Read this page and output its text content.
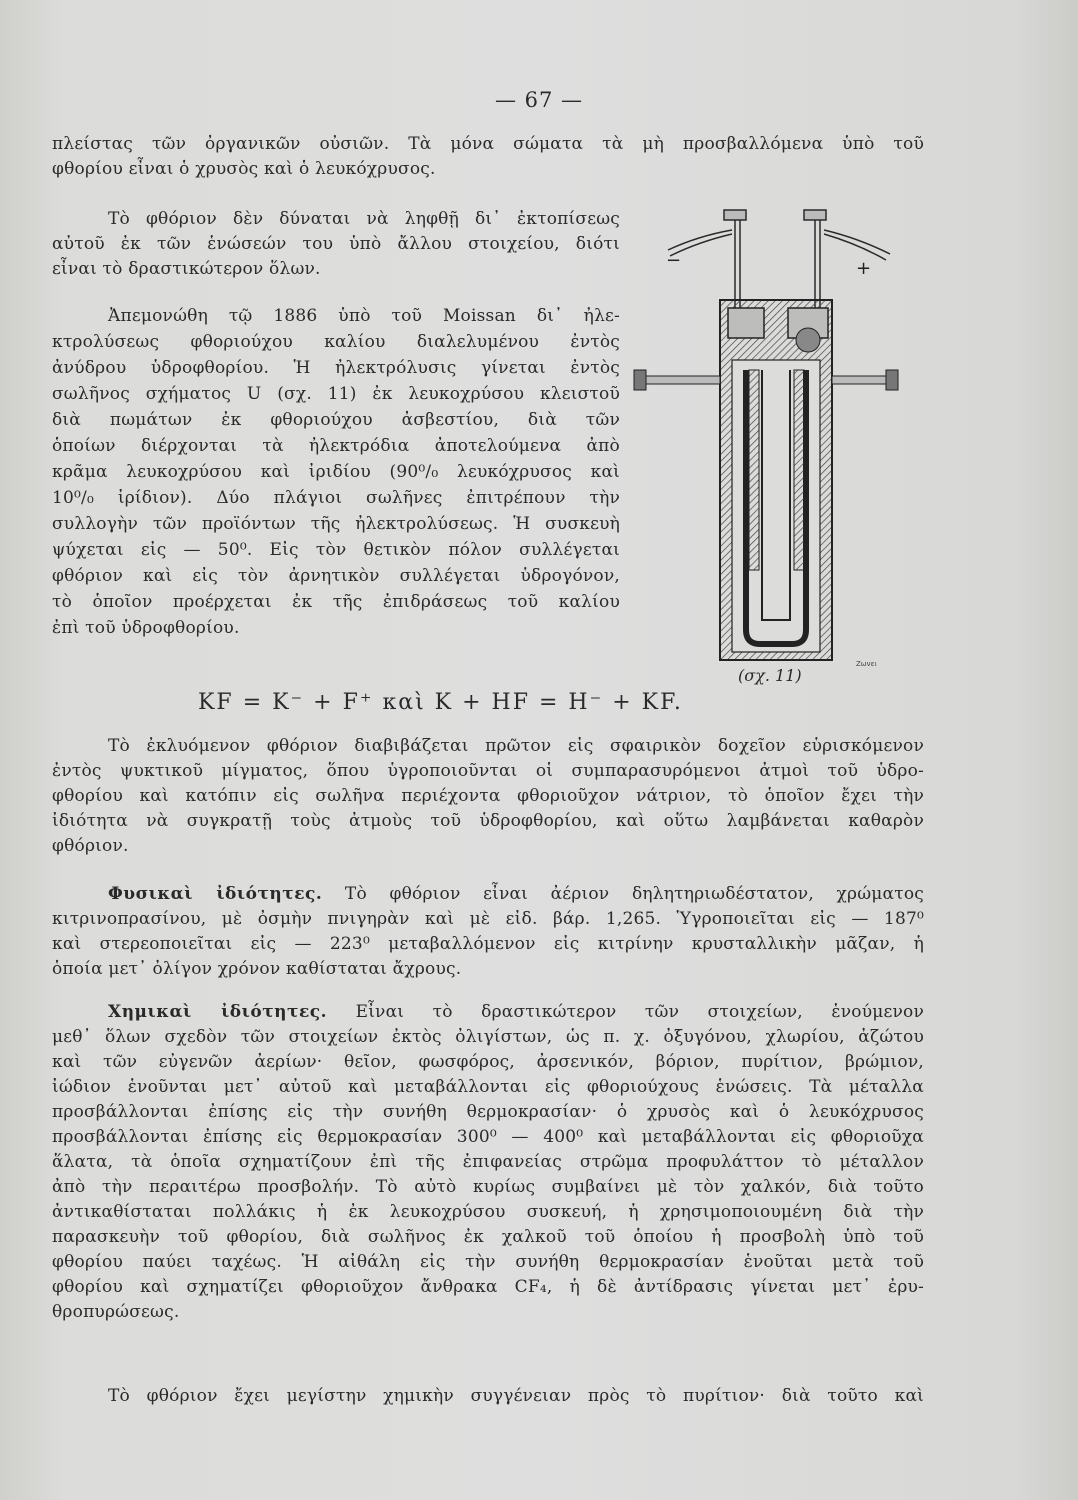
— 67 —
πλείστας τῶν ὀργανικῶν οὐσιῶν. Τὰ μόνα σώματα τὰ μὴ προσβαλλόμενα ὑπὸ τοῦ
φθορίου εἶναι ὁ χρυσὸς καὶ ὁ λευκόχρυσος.
Τὸ φθόριον δὲν δύναται νὰ ληφθῇ δι᾽ ἐκτοπίσεως
αὐτοῦ ἐκ τῶν ἑνώσεών του ὑπὸ ἄλλου στοιχείου, διότι
εἶναι τὸ δραστικώτερον ὅλων.
Ἀπεμονώθη τῷ 1886 ὑπὸ τοῦ Moissan δι᾽ ἠλε-
κτρολύσεως φθοριούχου καλίου διαλελυμένου ἐντὸς
ἀνύδρου ὑδροφθορίου. Ἡ ἠλεκτρόλυσις γίνεται ἐντὸς
σωλῆνος σχήματος U (σχ. 11) ἐκ λευκοχρύσου κλειστοῦ
διὰ πωμάτων ἐκ φθοριούχου ἀσβεστίου, διὰ τῶν
ὁποίων διέρχονται τὰ ἠλεκτρόδια ἀποτελούμενα ἀπὸ
κρᾶμα λευκοχρύσου καὶ ἰριδίου (90⁰/₀ λευκόχρυσος καὶ
10⁰/₀ ἰρίδιον). Δύο πλάγιοι σωλῆνες ἐπιτρέπουν τὴν
συλλογὴν τῶν προϊόντων τῆς ἠλεκτρολύσεως. Ἡ συσκευὴ
ψύχεται εἰς — 50⁰. Εἰς τὸν θετικὸν πόλον συλλέγεται
φθόριον καὶ εἰς τὸν ἀρνητικὸν συλλέγεται ὑδρογόνον,
τὸ ὁποῖον προέρχεται ἐκ τῆς ἐπιδράσεως τοῦ καλίου
ἐπὶ τοῦ ὑδροφθορίου.
−	+
Ζωνει
(σχ. 11)
KF = K⁻ + F⁺ καὶ K + HF = H⁻ + KF.
Τὸ ἐκλυόμενον φθόριον διαβιβάζεται πρῶτον εἰς σφαιρικὸν δοχεῖον εὑρισκόμενον
ἐντὸς ψυκτικοῦ μίγματος, ὅπου ὑγροποιοῦνται οἱ συμπαρασυρόμενοι ἀτμοὶ τοῦ ὑδρο-
φθορίου καὶ κατόπιν εἰς σωλῆνα περιέχοντα φθοριοῦχον νάτριον, τὸ ὁποῖον ἔχει τὴν
ἰδιότητα νὰ συγκρατῇ τοὺς ἀτμοὺς τοῦ ὑδροφθορίου, καὶ οὕτω λαμβάνεται καθαρὸν
φθόριον.
Φυσικαὶ ἰδιότητες. Τὸ φθόριον εἶναι ἀέριον δηλητηριωδέστατον, χρώματος
κιτρινοπρασίνου, μὲ ὀσμὴν πνιγηρὰν καὶ μὲ εἰδ. βάρ. 1,265. Ὑγροποιεῖται εἰς — 187⁰
καὶ στερεοποιεῖται εἰς — 223⁰ μεταβαλλόμενον εἰς κιτρίνην κρυσταλλικὴν μᾶζαν, ἡ
ὁποία μετ᾽ ὀλίγον χρόνον καθίσταται ἄχρους.
Χημικαὶ ἰδιότητες. Εἶναι τὸ δραστικώτερον τῶν στοιχείων, ἑνούμενον
μεθ᾽ ὅλων σχεδὸν τῶν στοιχείων ἐκτὸς ὀλιγίστων, ὡς π. χ. ὀξυγόνου, χλωρίου, ἀζώτου
καὶ τῶν εὐγενῶν ἀερίων· θεῖον, φωσφόρος, ἀρσενικόν, βόριον, πυρίτιον, βρώμιον,
ἰώδιον ἑνοῦνται μετ᾽ αὐτοῦ καὶ μεταβάλλονται εἰς φθοριούχους ἑνώσεις. Τὰ μέταλλα
προσβάλλονται ἐπίσης εἰς τὴν συνήθη θερμοκρασίαν· ὁ χρυσὸς καὶ ὁ λευκόχρυσος
προσβάλλονται ἐπίσης εἰς θερμοκρασίαν 300⁰ — 400⁰ καὶ μεταβάλλονται εἰς φθοριοῦχα
ἅλατα, τὰ ὁποῖα σχηματίζουν ἐπὶ τῆς ἐπιφανείας στρῶμα προφυλάττον τὸ μέταλλον
ἀπὸ τὴν περαιτέρω προσβολήν. Τὸ αὐτὸ κυρίως συμβαίνει μὲ τὸν χαλκόν, διὰ τοῦτο
ἀντικαθίσταται πολλάκις ἡ ἐκ λευκοχρύσου συσκευή, ἡ χρησιμοποιουμένη διὰ τὴν
παρασκευὴν τοῦ φθορίου, διὰ σωλῆνος ἐκ χαλκοῦ τοῦ ὁποίου ἡ προσβολὴ ὑπὸ τοῦ
φθορίου παύει ταχέως. Ἡ αἰθάλη εἰς τὴν συνήθη θερμοκρασίαν ἑνοῦται μετὰ τοῦ
φθορίου καὶ σχηματίζει φθοριοῦχον ἄνθρακα CF₄, ἡ δὲ ἀντίδρασις γίνεται μετ᾽ ἐρυ-
θροπυρώσεως.
Τὸ φθόριον ἔχει μεγίστην χημικὴν συγγένειαν πρὸς τὸ πυρίτιον· διὰ τοῦτο καὶ
